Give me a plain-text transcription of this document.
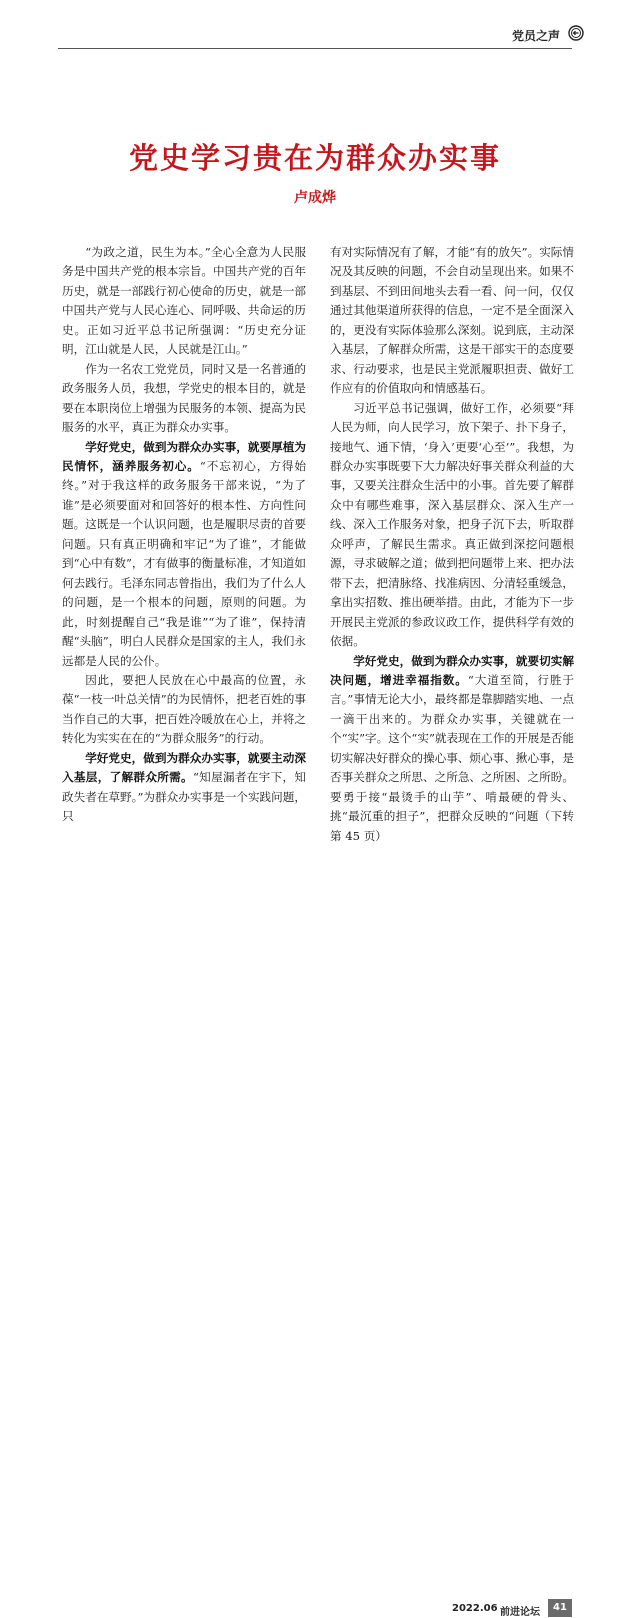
党员之声
党史学习贵在为群众办实事
卢成烨

“为政之道，民生为本。”全心全意为人民服务是中国共产党的根本宗旨。中国共产党的百年历史，就是一部践行初心使命的历史，就是一部中国共产党与人民心连心、同呼吸、共命运的历史。正如习近平总书记所强调：“历史充分证明，江山就是人民，人民就是江山。”

作为一名农工党党员，同时又是一名普通的政务服务人员，我想，学党史的根本目的，就是要在本职岗位上增强为民服务的本领、提高为民服务的水平，真正为群众办实事。

学好党史，做到为群众办实事，就要厚植为民情怀，涵养服务初心。“不忘初心，方得始终。”对于我这样的政务服务干部来说，“为了谁”是必须要面对和回答好的根本性、方向性问题。这既是一个认识问题，也是履职尽责的首要问题。只有真正明确和牢记“为了谁”，才能做到“心中有数”，才有做事的衡量标准，才知道如何去践行。毛泽东同志曾指出，我们为了什么人的问题，是一个根本的问题，原则的问题。为此，时刻提醒自己“我是谁”“为了谁”，保持清醒“头脑”，明白人民群众是国家的主人，我们永远都是人民的公仆。

因此，要把人民放在心中最高的位置，永葆“一枝一叶总关情”的为民情怀，把老百姓的事当作自己的大事，把百姓冷暖放在心上，并将之转化为实实在在的“为群众服务”的行动。

学好党史，做到为群众办实事，就要主动深入基层，了解群众所需。“知屋漏者在宇下，知政失者在草野。”为群众办实事是一个实践问题，只

有对实际情况有了解，才能“有的放矢”。实际情况及其反映的问题，不会自动呈现出来。如果不到基层、不到田间地头去看一看、问一问，仅仅通过其他渠道所获得的信息，一定不是全面深入的，更没有实际体验那么深刻。说到底，主动深入基层，了解群众所需，这是干部实干的态度要求、行动要求，也是民主党派履职担责、做好工作应有的价值取向和情感基石。

习近平总书记强调，做好工作，必须要“拜人民为师，向人民学习，放下架子、扑下身子，接地气、通下情，‘身入’更要‘心至’”。我想，为群众办实事既要下大力解决好事关群众利益的大事，又要关注群众生活中的小事。首先要了解群众中有哪些难事，深入基层群众、深入生产一线、深入工作服务对象，把身子沉下去，听取群众呼声，了解民生需求。真正做到深挖问题根源，寻求破解之道；做到把问题带上来、把办法带下去，把清脉络、找准病因、分清轻重缓急，拿出实招数、推出硬举措。由此，才能为下一步开展民主党派的参政议政工作，提供科学有效的依据。

学好党史，做到为群众办实事，就要切实解决问题，增进幸福指数。“大道至简，行胜于言。”事情无论大小，最终都是靠脚踏实地、一点一滴干出来的。为群众办实事，关键就在一个“实”字。这个“实”就表现在工作的开展是否能切实解决好群众的操心事、烦心事、揪心事，是否事关群众之所思、之所急、之所困、之所盼。要勇于接“最烫手的山芋”、啃最硬的骨头、挑“最沉重的担子”，把群众反映的“问题（下转第 45 页）

2022.06 前进论坛	41
